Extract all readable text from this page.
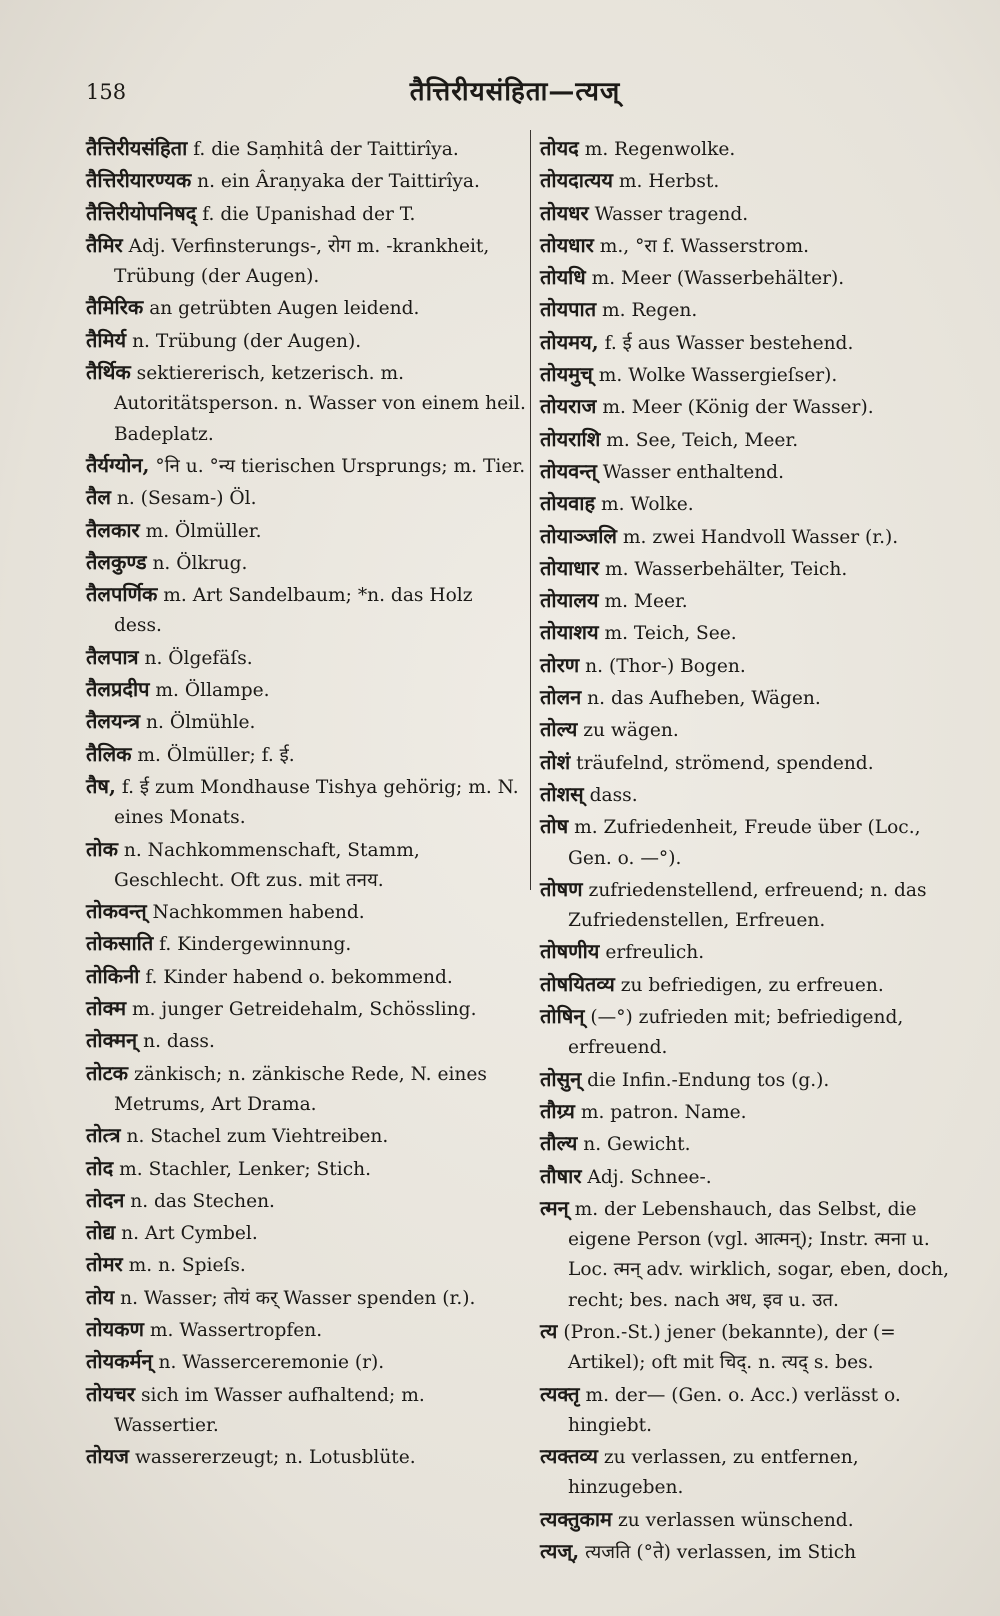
158	तैत्तिरीयसंहिता—त्यज्

तैत्तिरीयसंहिता f. die Saṃhitâ der Taittirîya.

तैत्तिरीयारण्यक n. ein Âraṇyaka der Taittirîya.

तैत्तिरीयोपनिषद् f. die Upanishad der T.

तैमिर Adj. Verfinsterungs-, रोग m. -krankheit, Trübung (der Augen).

तैमिरिक an getrübten Augen leidend.

तैमिर्य n. Trübung (der Augen).

तैर्थिक sektiererisch, ketzerisch. m. Autoritätsperson. n. Wasser von einem heil. Badeplatz.

तैर्यग्योन, °नि u. °न्य tierischen Ursprungs; m. Tier.

तैल n. (Sesam-) Öl.

तैलकार m. Ölmüller.

तैलकुण्ड n. Ölkrug.

तैलपर्णिक m. Art Sandelbaum; *n. das Holz dess.

तैलपात्र n. Ölgefäſs.

तैलप्रदीप m. Öllampe.

तैलयन्त्र n. Ölmühle.

तैलिक m. Ölmüller; f. ई.

तैष, f. ई zum Mondhause Tishya gehörig; m. N. eines Monats.

तोक n. Nachkommenschaft, Stamm, Geschlecht. Oft zus. mit तनय.

तोकवन्त् Nachkommen habend.

तोकसाति f. Kindergewinnung.

तोकिनी f. Kinder habend o. bekommend.

तोक्म m. junger Getreidehalm, Schössling.

तोक्मन् n. dass.

तोटक zänkisch; n. zänkische Rede, N. eines Metrums, Art Drama.

तोत्त्र n. Stachel zum Viehtreiben.

तोद m. Stachler, Lenker; Stich.

तोदन n. das Stechen.

तोद्य n. Art Cymbel.

तोमर m. n. Spieſs.

तोय n. Wasser; तोयं कर् Wasser spenden (r.).

तोयकण m. Wassertropfen.

तोयकर्मन् n. Wasserceremonie (r).

तोयचर sich im Wasser aufhaltend; m. Wassertier.

तोयज wassererzeugt; n. Lotusblüte.

तोयद m. Regenwolke.

तोयदात्यय m. Herbst.

तोयधर Wasser tragend.

तोयधार m., °रा f. Wasserstrom.

तोयधि m. Meer (Wasserbehälter).

तोयपात m. Regen.

तोयमय, f. ई aus Wasser bestehend.

तोयमुच् m. Wolke Wassergieſser).

तोयराज m. Meer (König der Wasser).

तोयराशि m. See, Teich, Meer.

तोयवन्त् Wasser enthaltend.

तोयवाह m. Wolke.

तोयाञ्जलि m. zwei Handvoll Wasser (r.).

तोयाधार m. Wasserbehälter, Teich.

तोयालय m. Meer.

तोयाशय m. Teich, See.

तोरण n. (Thor-) Bogen.

तोलन n. das Aufheben, Wägen.

तोल्य zu wägen.

तोशं träufelnd, strömend, spendend.

तोशस् dass.

तोष m. Zufriedenheit, Freude über (Loc., Gen. o. —°).

तोषण zufriedenstellend, erfreuend; n. das Zufriedenstellen, Erfreuen.

तोषणीय erfreulich.

तोषयितव्य zu befriedigen, zu erfreuen.

तोषिन् (—°) zufrieden mit; befriedigend, erfreuend.

तोसुन् die Infin.-Endung tos (g.).

तौग्र्य m. patron. Name.

तौल्य n. Gewicht.

तौषार Adj. Schnee-.

त्मन् m. der Lebenshauch, das Selbst, die eigene Person (vgl. आत्मन्); Instr. त्मना u. Loc. त्मन् adv. wirklich, sogar, eben, doch, recht; bes. nach अध, इव u. उत.

त्य (Pron.-St.) jener (bekannte), der (= Artikel); oft mit चिद्. n. त्यद् s. bes.

त्यक्तृ m. der— (Gen. o. Acc.) verlässt o. hingiebt.

त्यक्तव्य zu verlassen, zu entfernen, hinzugeben.

त्यक्तुकाम zu verlassen wünschend.

त्यज्, त्यजति (°ते) verlassen, im Stich
